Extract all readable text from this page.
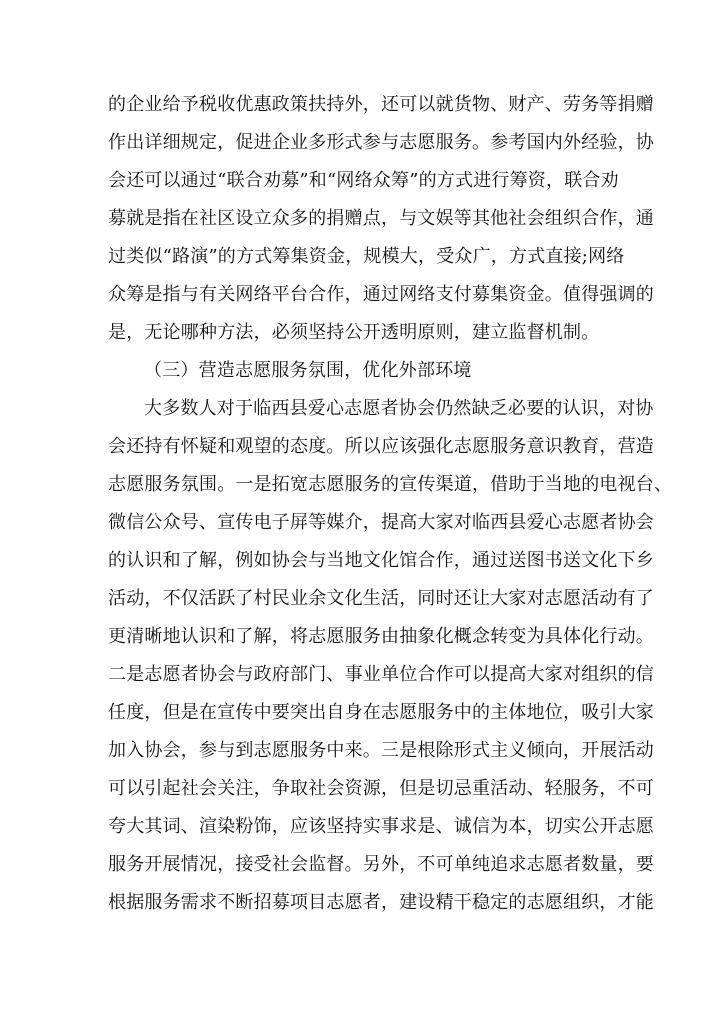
的企业给予税收优惠政策扶持外，还可以就货物、财产、劳务等捐赠
作出详细规定，促进企业多形式参与志愿服务。参考国内外经验，协
会还可以通过“联合劝募”和“网络众筹”的方式进行筹资，联合劝
募就是指在社区设立众多的捐赠点，与文娱等其他社会组织合作，通
过类似“路演”的方式筹集资金，规模大，受众广，方式直接;网络
众筹是指与有关网络平台合作，通过网络支付募集资金。值得强调的
是，无论哪种方法，必须坚持公开透明原则，建立监督机制。
（三）营造志愿服务氛围，优化外部环境
大多数人对于临西县爱心志愿者协会仍然缺乏必要的认识，对协
会还持有怀疑和观望的态度。所以应该强化志愿服务意识教育，营造
志愿服务氛围。一是拓宽志愿服务的宣传渠道，借助于当地的电视台、
微信公众号、宣传电子屏等媒介，提高大家对临西县爱心志愿者协会
的认识和了解，例如协会与当地文化馆合作，通过送图书送文化下乡
活动，不仅活跃了村民业余文化生活，同时还让大家对志愿活动有了
更清晰地认识和了解，将志愿服务由抽象化概念转变为具体化行动。
二是志愿者协会与政府部门、事业单位合作可以提高大家对组织的信
任度，但是在宣传中要突出自身在志愿服务中的主体地位，吸引大家
加入协会，参与到志愿服务中来。三是根除形式主义倾向，开展活动
可以引起社会关注，争取社会资源，但是切忌重活动、轻服务，不可
夸大其词、渲染粉饰，应该坚持实事求是、诚信为本，切实公开志愿
服务开展情况，接受社会监督。另外，不可单纯追求志愿者数量，要
根据服务需求不断招募项目志愿者，建设精干稳定的志愿组织，才能
